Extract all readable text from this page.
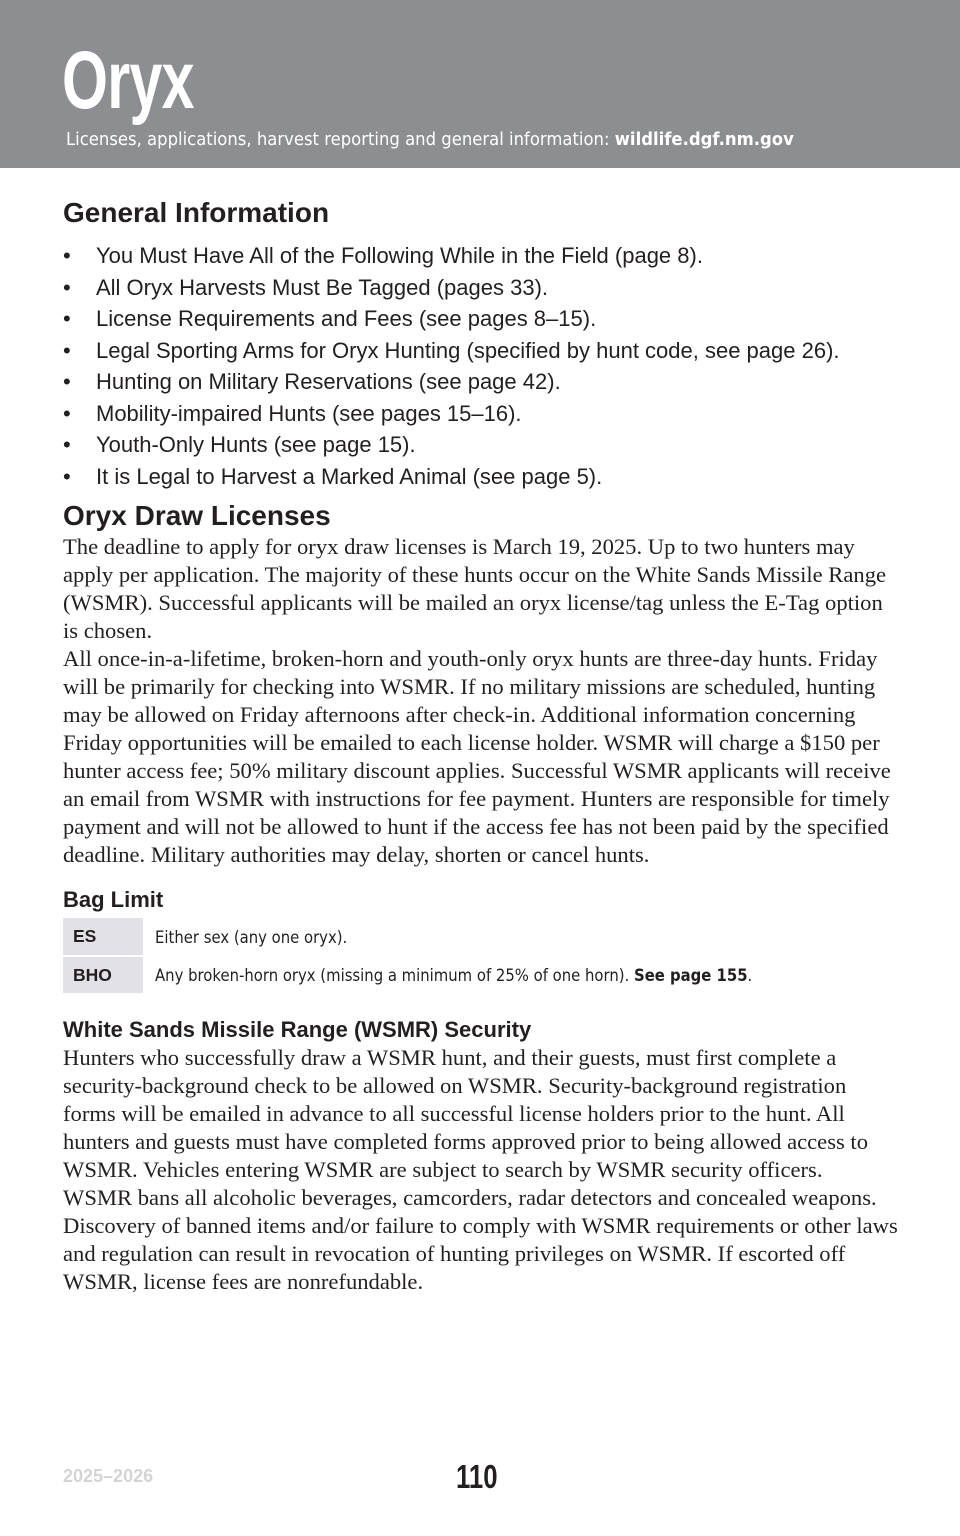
Oryx
Licenses, applications, harvest reporting and general information: wildlife.dgf.nm.gov
General Information
• You Must Have All of the Following While in the Field (page 8).
• All Oryx Harvests Must Be Tagged (pages 33).
• License Requirements and Fees (see pages 8–15).
• Legal Sporting Arms for Oryx Hunting (specified by hunt code, see page 26).
• Hunting on Military Reservations (see page 42).
• Mobility-impaired Hunts (see pages 15–16).
• Youth-Only Hunts (see page 15).
• It is Legal to Harvest a Marked Animal (see page 5).
Oryx Draw Licenses

The deadline to apply for oryx draw licenses is March 19, 2025. Up to two hunters may apply per application. The majority of these hunts occur on the White Sands Missile Range (WSMR). Successful applicants will be mailed an oryx license/tag unless the E-Tag option is chosen.

All once-in-a-lifetime, broken-horn and youth-only oryx hunts are three-day hunts. Friday will be primarily for checking into WSMR. If no military missions are scheduled, hunting may be allowed on Friday afternoons after check-in. Additional information concerning Friday opportunities will be emailed to each license holder. WSMR will charge a $150 per hunter access fee; 50% military discount applies. Successful WSMR applicants will receive an email from WSMR with instructions for fee payment. Hunters are responsible for timely payment and will not be allowed to hunt if the access fee has not been paid by the specified deadline. Military authorities may delay, shorten or cancel hunts.

Bag Limit
ES	Either sex (any one oryx).
BHO	Any broken-horn oryx (missing a minimum of 25% of one horn). See page 155.
White Sands Missile Range (WSMR) Security

Hunters who successfully draw a WSMR hunt, and their guests, must first complete a security-background check to be allowed on WSMR. Security-background registration forms will be emailed in advance to all successful license holders prior to the hunt. All hunters and guests must have completed forms approved prior to being allowed access to WSMR. Vehicles entering WSMR are subject to search by WSMR security officers.

WSMR bans all alcoholic beverages, camcorders, radar detectors and concealed weapons. Discovery of banned items and/or failure to comply with WSMR requirements or other laws and regulation can result in revocation of hunting privileges on WSMR. If escorted off WSMR, license fees are nonrefundable.

2025–2026	110
